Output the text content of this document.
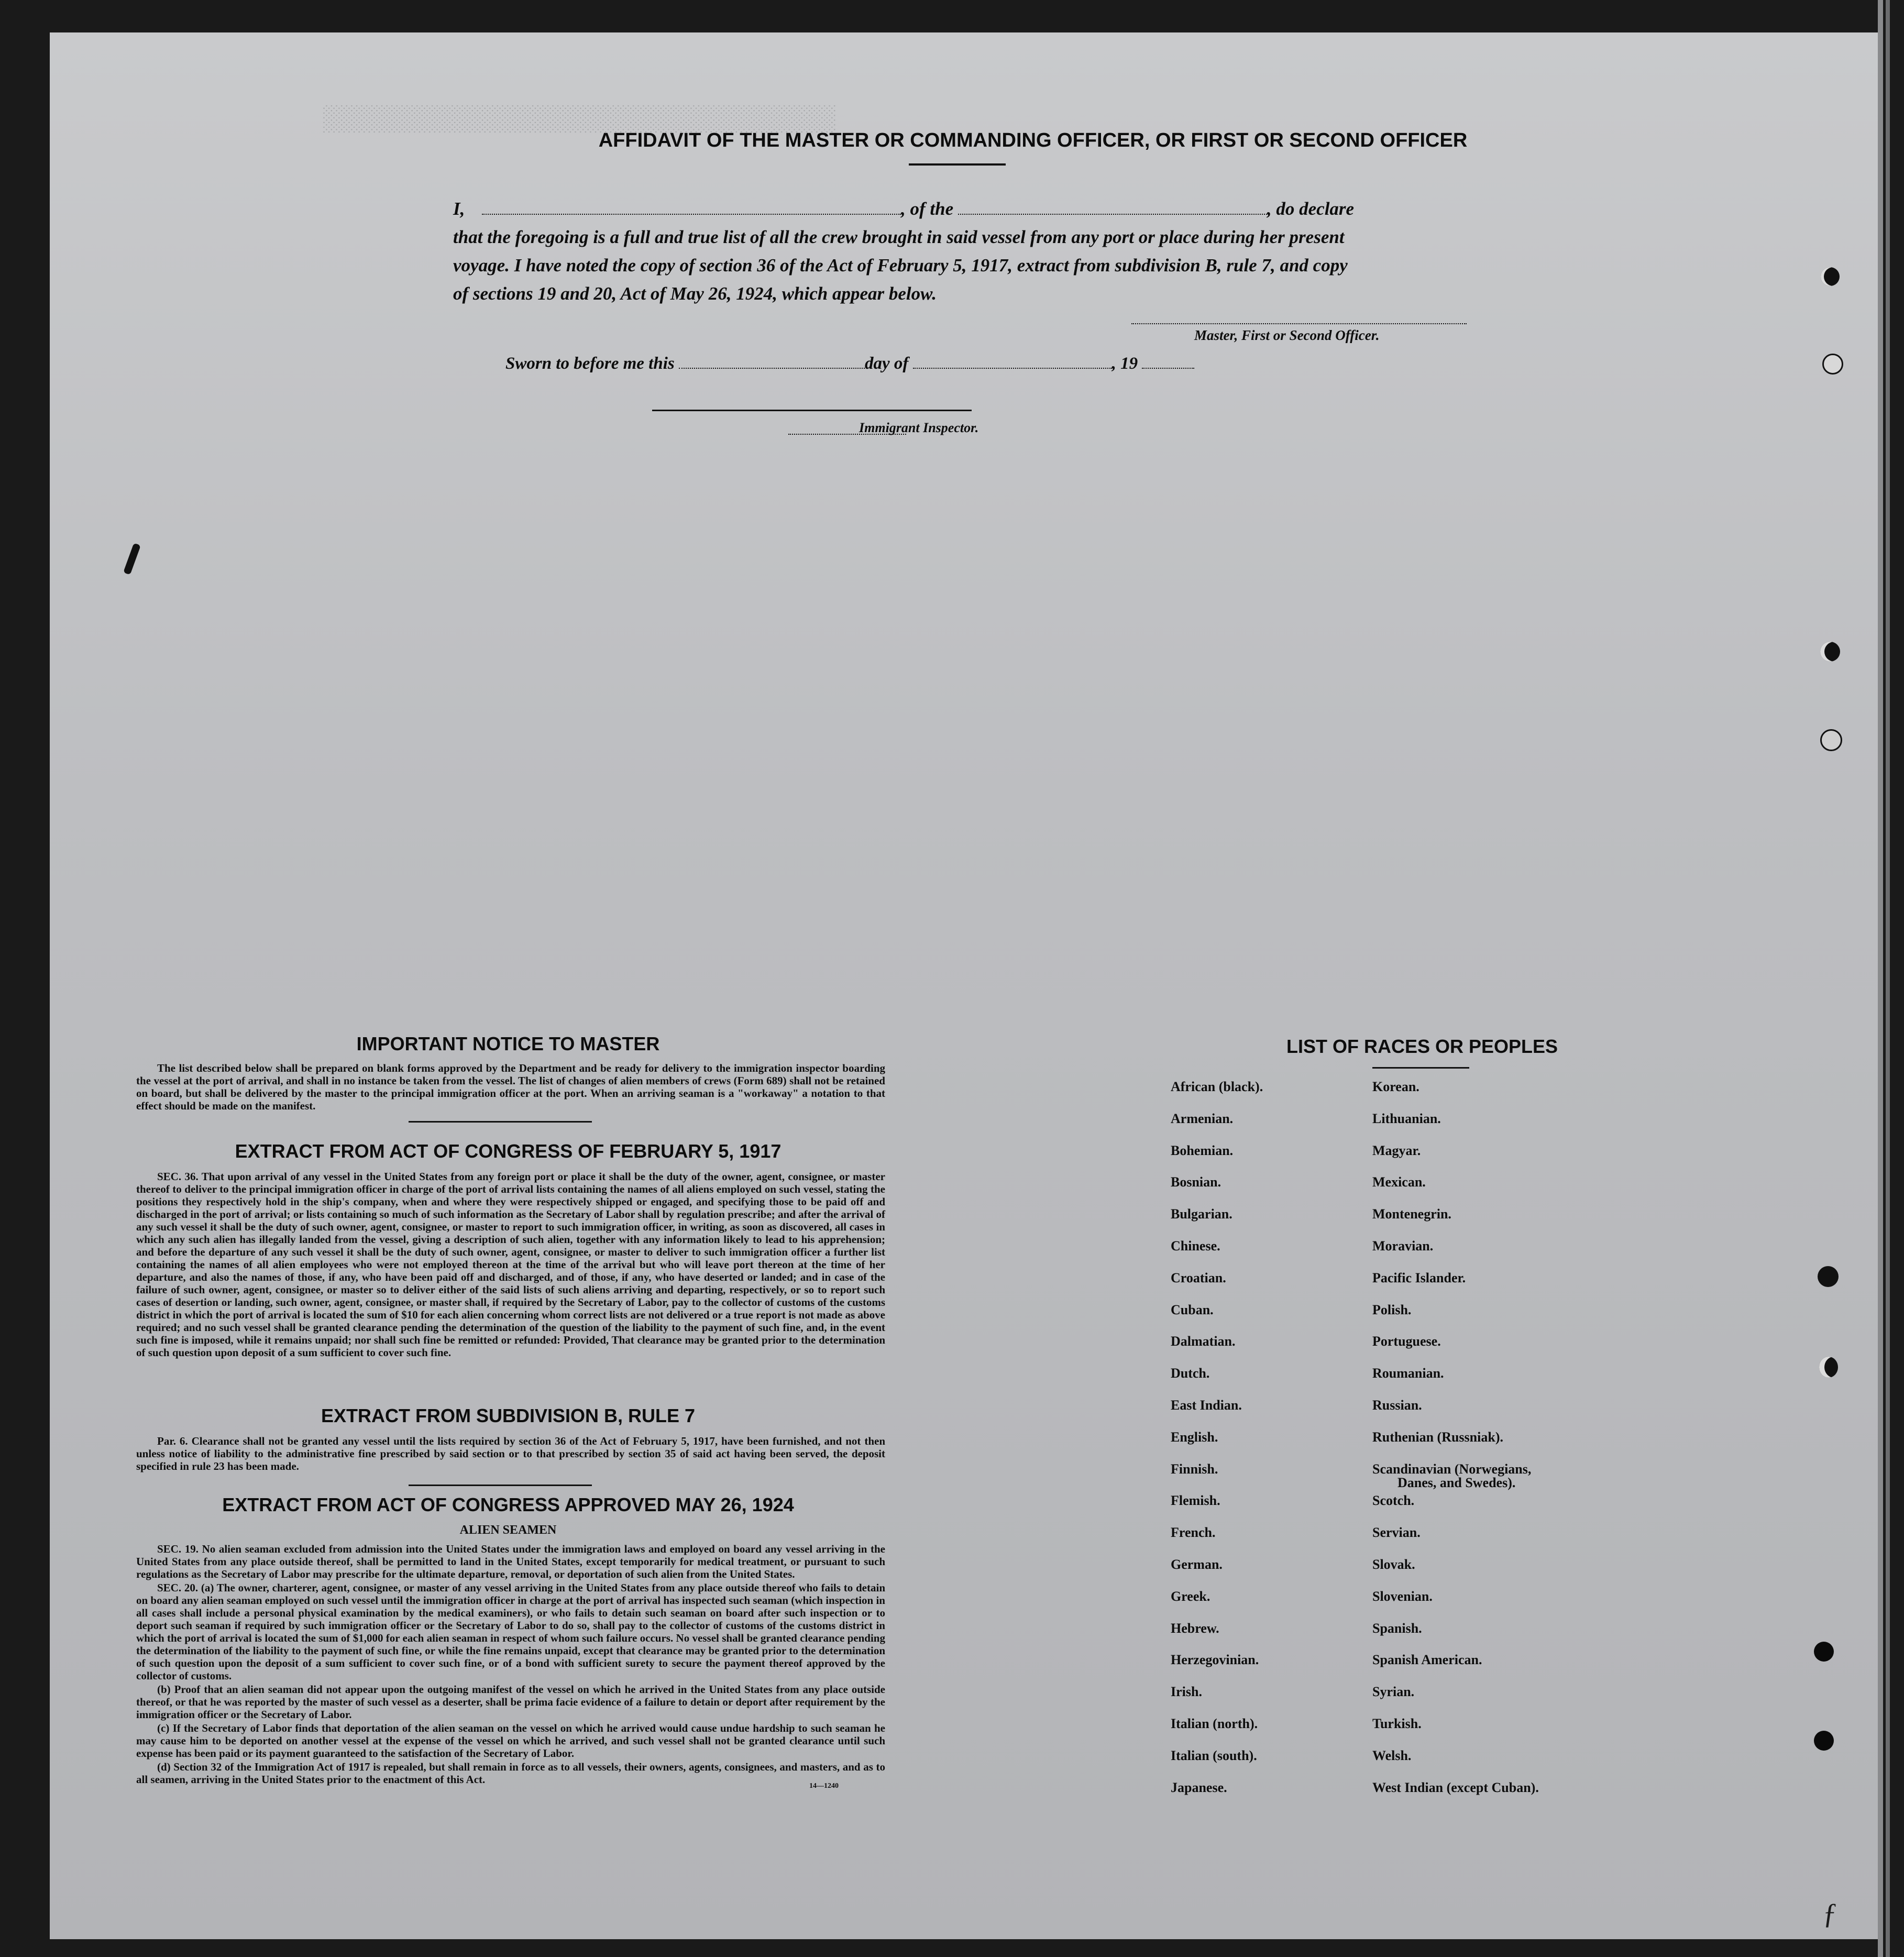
░░░░░░░░░░░░░░░░░░░░░░░░░░░░░░░░░░
AFFIDAVIT OF THE MASTER OR COMMANDING OFFICER, OR FIRST OR SECOND OFFICER
I,	, of the	, do declare
that the foregoing is a full and true list of all the crew brought in said vessel from any port or place during her present
voyage. I have noted the copy of section 36 of the Act of February 5, 1917, extract from subdivision B, rule 7, and copy
of sections 19 and 20, Act of May 26, 1924, which appear below.
Master, First or Second Officer.
Sworn to before me this	day of	, 19
Immigrant Inspector.
IMPORTANT NOTICE TO MASTER

The list described below shall be prepared on blank forms approved by the Department and be ready for delivery to the immigration inspector boarding the vessel at the port of arrival, and shall in no instance be taken from the vessel. The list of changes of alien members of crews (Form 689) shall not be retained on board, but shall be delivered by the master to the principal immigration officer at the port. When an arriving seaman is a "workaway" a notation to that effect should be made on the manifest.

EXTRACT FROM ACT OF CONGRESS OF FEBRUARY 5, 1917

SEC. 36. That upon arrival of any vessel in the United States from any foreign port or place it shall be the duty of the owner, agent, consignee, or master thereof to deliver to the principal immigration officer in charge of the port of arrival lists containing the names of all aliens employed on such vessel, stating the positions they respectively hold in the ship's company, when and where they were respectively shipped or engaged, and specifying those to be paid off and discharged in the port of arrival; or lists containing so much of such information as the Secretary of Labor shall by regulation prescribe; and after the arrival of any such vessel it shall be the duty of such owner, agent, consignee, or master to report to such immigration officer, in writing, as soon as discovered, all cases in which any such alien has illegally landed from the vessel, giving a description of such alien, together with any information likely to lead to his apprehension; and before the departure of any such vessel it shall be the duty of such owner, agent, consignee, or master to deliver to such immigration officer a further list containing the names of all alien employees who were not employed thereon at the time of the arrival but who will leave port thereon at the time of her departure, and also the names of those, if any, who have been paid off and discharged, and of those, if any, who have deserted or landed; and in case of the failure of such owner, agent, consignee, or master so to deliver either of the said lists of such aliens arriving and departing, respectively, or so to report such cases of desertion or landing, such owner, agent, consignee, or master shall, if required by the Secretary of Labor, pay to the collector of customs of the customs district in which the port of arrival is located the sum of $10 for each alien concerning whom correct lists are not delivered or a true report is not made as above required; and no such vessel shall be granted clearance pending the determination of the question of the liability to the payment of such fine, and, in the event such fine is imposed, while it remains unpaid; nor shall such fine be remitted or refunded: Provided, That clearance may be granted prior to the determination of such question upon deposit of a sum sufficient to cover such fine.

EXTRACT FROM SUBDIVISION B, RULE 7

Par. 6. Clearance shall not be granted any vessel until the lists required by section 36 of the Act of February 5, 1917, have been furnished, and not then unless notice of liability to the administrative fine prescribed by said section or to that prescribed by section 35 of said act having been served, the deposit specified in rule 23 has been made.

EXTRACT FROM ACT OF CONGRESS APPROVED MAY 26, 1924
ALIEN SEAMEN

SEC. 19. No alien seaman excluded from admission into the United States under the immigration laws and employed on board any vessel arriving in the United States from any place outside thereof, shall be permitted to land in the United States, except temporarily for medical treatment, or pursuant to such regulations as the Secretary of Labor may prescribe for the ultimate departure, removal, or deportation of such alien from the United States.

SEC. 20. (a) The owner, charterer, agent, consignee, or master of any vessel arriving in the United States from any place outside thereof who fails to detain on board any alien seaman employed on such vessel until the immigration officer in charge at the port of arrival has inspected such seaman (which inspection in all cases shall include a personal physical examination by the medical examiners), or who fails to detain such seaman on board after such inspection or to deport such seaman if required by such immigration officer or the Secretary of Labor to do so, shall pay to the collector of customs of the customs district in which the port of arrival is located the sum of $1,000 for each alien seaman in respect of whom such failure occurs. No vessel shall be granted clearance pending the determination of the liability to the payment of such fine, or while the fine remains unpaid, except that clearance may be granted prior to the determination of such question upon the deposit of a sum sufficient to cover such fine, or of a bond with sufficient surety to secure the payment thereof approved by the collector of customs.

(b) Proof that an alien seaman did not appear upon the outgoing manifest of the vessel on which he arrived in the United States from any place outside thereof, or that he was reported by the master of such vessel as a deserter, shall be prima facie evidence of a failure to detain or deport after requirement by the immigration officer or the Secretary of Labor.

(c) If the Secretary of Labor finds that deportation of the alien seaman on the vessel on which he arrived would cause undue hardship to such seaman he may cause him to be deported on another vessel at the expense of the vessel on which he arrived, and such vessel shall not be granted clearance until such expense has been paid or its payment guaranteed to the satisfaction of the Secretary of Labor.

(d) Section 32 of the Immigration Act of 1917 is repealed, but shall remain in force as to all vessels, their owners, agents, consignees, and masters, and as to all seamen, arriving in the United States prior to the enactment of this Act.

14—1240
LIST OF RACES OR PEOPLES
African (black).
Armenian.
Bohemian.
Bosnian.
Bulgarian.
Chinese.
Croatian.
Cuban.
Dalmatian.
Dutch.
East Indian.
English.
Finnish.
Flemish.
French.
German.
Greek.
Hebrew.
Herzegovinian.
Irish.
Italian (north).
Italian (south).
Japanese.
Korean.
Lithuanian.
Magyar.
Mexican.
Montenegrin.
Moravian.
Pacific Islander.
Polish.
Portuguese.
Roumanian.
Russian.
Ruthenian (Russniak).
Scandinavian (Norwegians,
Danes, and Swedes).
Scotch.
Servian.
Slovak.
Slovenian.
Spanish.
Spanish American.
Syrian.
Turkish.
Welsh.
West Indian (except Cuban).
ƒ
